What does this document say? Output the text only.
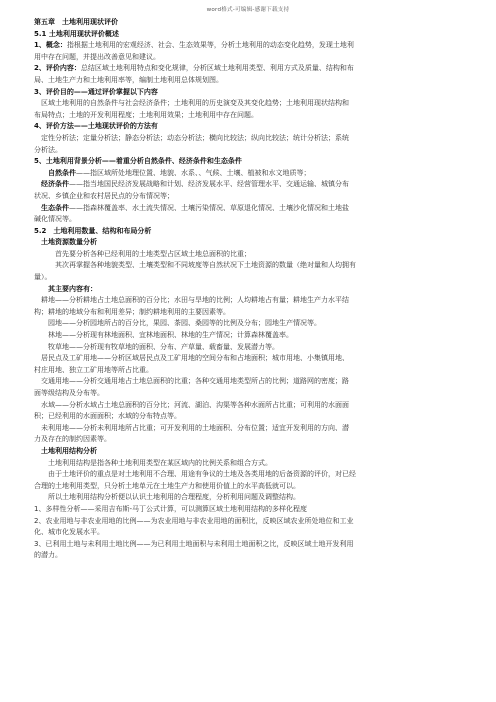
word格式-可编辑-感谢下载支持
第五章　土地利用现状评价
5.1 土地利用现状评价概述
1、概念：指根据土地利用的宏观经济、社会、生态效果等，分析土地利用的动态变化趋势，发现土地利
用中存在问题，并提出改善意见和建议。
2、评价内容：总结区域土地利用特点和变化规律，分析区域土地利用类型、利用方式及质量、结构和布
局、土地生产力和土地利用率等，编制土地利用总体规划图。
3、评价目的——通过评价掌握以下内容
区域土地利用的自然条件与社会经济条件；土地利用的历史演变及其变化趋势；土地利用现状结构和
布局特点；土地的开发利用程度；土地利用效果；土地利用中存在问题。
4、评价方法——土地现状评价的方法有
定性分析法；定量分析法；静态分析法；动态分析法；横向比较法；纵向比较法；统计分析法；系统
分析法。
5、土地利用背景分析——着重分析自然条件、经济条件和生态条件
自然条件——指区域所处地理位置、地貌、水系、、气候、土壤、植被和水文地质等；
经济条件——指当地国民经济发展战略和计划、经济发展水平、经营管理水平、交通运输、城镇分布
状况、乡镇企业和农村居民点的分布情况等；
生态条件——指森林覆盖率、水土流失情况、土壤污染情况、草原退化情况、土壤沙化情况和土地盐
碱化情况等。
5.2　土地利用数量、结构和布局分析
土地资源数量分析
首先要分析各种已经利用的土地类型占区域土地总面积的比重；
其次再掌握各种地貌类型、土壤类型和不同坡度等自然状况下土地资源的数量（绝对量和人均拥有
量）。
其主要内容有：
耕地——分析耕地占土地总面积的百分比；水田与旱地的比例；人均耕地占有量；耕地生产力水平结
构；耕地的地域分布和利用差异；制约耕地利用的主要因素等。
园地——分析园地所占的百分比，果园、茶园、桑园等的比例及分布；园地生产情况等。
林地——分析现有林地面积、宜林地面积、林地的生产情况；计算森林覆盖率。
牧草地——分析现有牧草地的面积、分布、产草量、载畜量、发展潜力等。
居民点及工矿用地——分析区域居民点及工矿用地的空间分布和占地面积；城市用地、小集镇用地、
村庄用地、独立工矿用地等所占比重。
交通用地——分析交通用地占土地总面积的比重；各种交通用地类型所占的比例；道路网的密度；路
面等级结构及分布等。
水域——分析水域占土地总面积的百分比；河流、湖泊、沟渠等各种水面所占比重；可利用的水面面
积；已经利用的水面面积；水域的分布特点等。
未利用地——分析未利用地所占比重；可开发利用的土地面积、分布位置；适宜开发利用的方向、潜
力及存在的制约因素等。
土地利用结构分析
土地利用结构是指各种土地利用类型在某区域内的比例关系和组合方式。
由于土地评价的重点是对土地利用不合理、用途有争议的土地及各类用地的后备资源的评价，对已经
合理的土地利用类型，只分析土地单元在土地生产力和使用价值上的水平高低就可以。
所以土地利用结构分析便以认识土地利用的合理程度，分析利用问题及调整结构。
1、多样性分析——采用吉布斯-马丁公式计算，可以测算区域土地利用结构的多样化程度
2、农业用地与非农业用地的比例——为农业用地与非农业用地的面积比，反映区域农业所处地位和工业
化、城市化发展水平。
3、已利用土地与未利用土地比例——为已利用土地面积与未利用土地面积之比，反映区域土地开发利用
的潜力。
